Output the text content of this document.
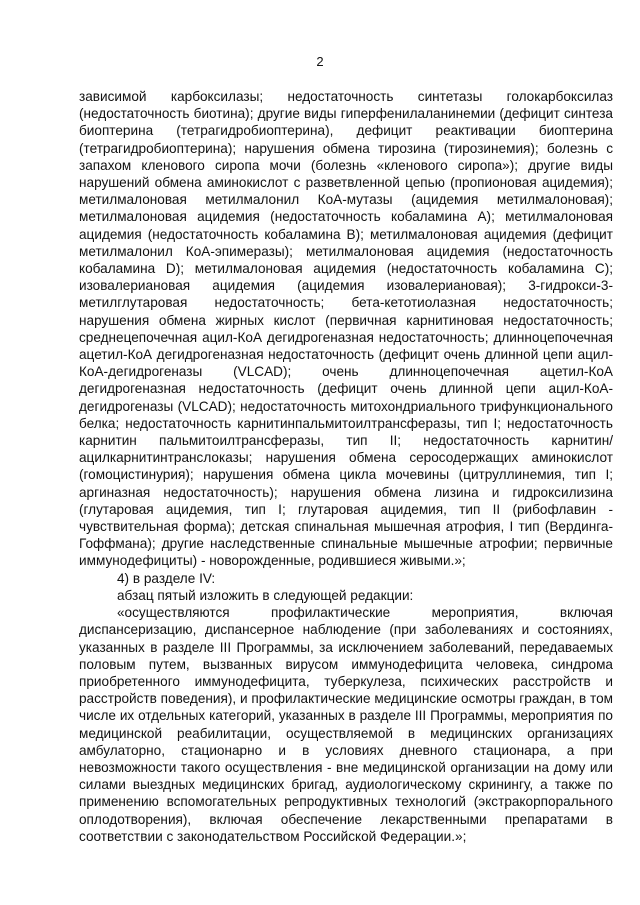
2

зависимой карбоксилазы; недостаточность синтетазы голокарбоксилаз (недостаточность биотина); другие виды гиперфенилаланинемии (дефицит синтеза биоптерина (тетрагидробиоптерина), дефицит реактивации биоптерина (тетрагидробиоптерина); нарушения обмена тирозина (тирозинемия); болезнь с запахом кленового сиропа мочи (болезнь «кленового сиропа»); другие виды нарушений обмена аминокислот с разветвленной цепью (пропионовая ацидемия); метилмалоновая метилмалонил КоА-мутазы (ацидемия метилмалоновая); метилмалоновая ацидемия (недостаточность кобаламина A); метилмалоновая ацидемия (недостаточность кобаламина B); метилмалоновая ацидемия (дефицит метилмалонил КоА-эпимеразы); метилмалоновая ацидемия (недостаточность кобаламина D); метилмалоновая ацидемия (недостаточность кобаламина C); изовалериановая ацидемия (ацидемия изовалериановая); 3-гидрокси-3-метилглутаровая недостаточность; бета-кетотиолазная недостаточность; нарушения обмена жирных кислот (первичная карнитиновая недостаточность; среднецепочечная ацил-КоА дегидрогеназная недостаточность; длинноцепочечная ацетил-КоА дегидрогеназная недостаточность (дефицит очень длинной цепи ацил-КоА-дегидрогеназы (VLCAD); очень длинноцепочечная ацетил-КоА дегидрогеназная недостаточность (дефицит очень длинной цепи ацил-КоА-дегидрогеназы (VLCAD); недостаточность митохондриального трифункционального белка; недостаточность карнитинпальмитоилтрансферазы, тип I; недостаточность карнитин пальмитоилтрансферазы, тип II; недостаточность карнитин/ацилкарнитинтранслоказы; нарушения обмена серосодержащих аминокислот (гомоцистинурия); нарушения обмена цикла мочевины (цитруллинемия, тип I; аргиназная недостаточность); нарушения обмена лизина и гидроксилизина (глутаровая ацидемия, тип I; глутаровая ацидемия, тип II (рибофлавин - чувствительная форма); детская спинальная мышечная атрофия, I тип (Вердинга-Гоффмана); другие наследственные спинальные мышечные атрофии; первичные иммунодефициты) - новорожденные, родившиеся живыми.»;

4) в разделе IV:

абзац пятый изложить в следующей редакции:

«осуществляются профилактические мероприятия, включая диспансеризацию, диспансерное наблюдение (при заболеваниях и состояниях, указанных в разделе III Программы, за исключением заболеваний, передаваемых половым путем, вызванных вирусом иммунодефицита человека, синдрома приобретенного иммунодефицита, туберкулеза, психических расстройств и расстройств поведения), и профилактические медицинские осмотры граждан, в том числе их отдельных категорий, указанных в разделе III Программы, мероприятия по медицинской реабилитации, осуществляемой в медицинских организациях амбулаторно, стационарно и в условиях дневного стационара, а при невозможности такого осуществления - вне медицинской организации на дому или силами выездных медицинских бригад, аудиологическому скринингу, а также по применению вспомогательных репродуктивных технологий (экстракорпорального оплодотворения), включая обеспечение лекарственными препаратами в соответствии с законодательством Российской Федерации.»;
